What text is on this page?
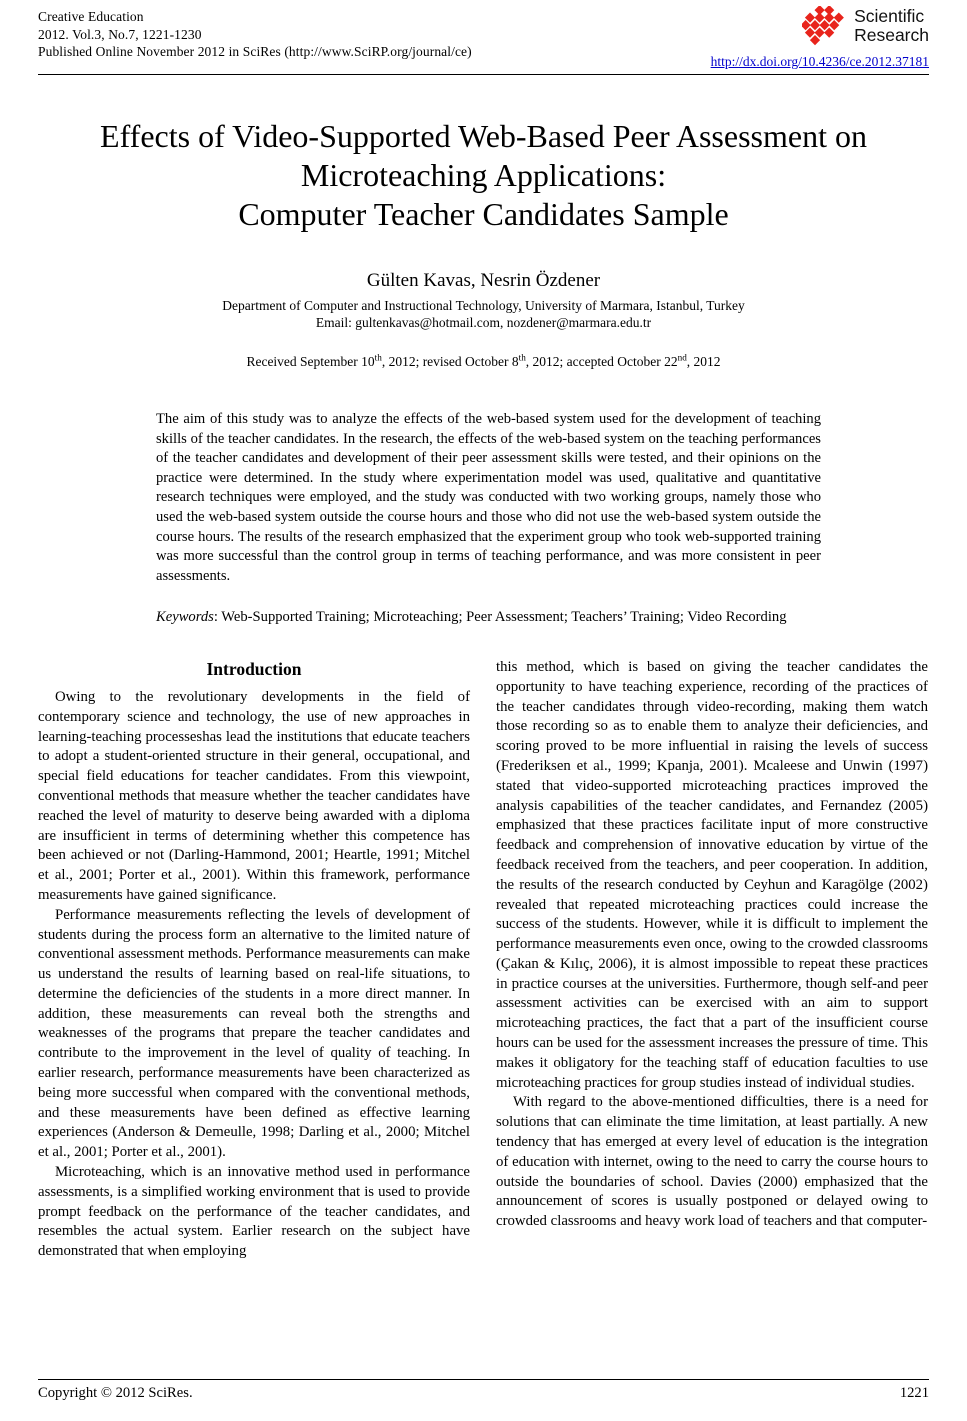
Creative Education
2012. Vol.3, No.7, 1221-1230
Published Online November 2012 in SciRes (http://www.SciRP.org/journal/ce)
Scientific
Research
http://dx.doi.org/10.4236/ce.2012.37181
Effects of Video-Supported Web-Based Peer Assessment on
Microteaching Applications:
Computer Teacher Candidates Sample
Gülten Kavas, Nesrin Özdener
Department of Computer and Instructional Technology, University of Marmara, Istanbul, Turkey
Email: gultenkavas@hotmail.com, nozdener@marmara.edu.tr
Received September 10th, 2012; revised October 8th, 2012; accepted October 22nd, 2012
The aim of this study was to analyze the effects of the web-based system used for the development of teaching skills of the teacher candidates. In the research, the effects of the web-based system on the teaching performances of the teacher candidates and development of their peer assessment skills were tested, and their opinions on the practice were determined. In the study where experimentation model was used, qualitative and quantitative research techniques were employed, and the study was conducted with two working groups, namely those who used the web-based system outside the course hours and those who did not use the web-based system outside the course hours. The results of the research emphasized that the experiment group who took web-supported training was more successful than the control group in terms of teaching performance, and was more consistent in peer assessments.
Keywords: Web-Supported Training; Microteaching; Peer Assessment; Teachers’ Training; Video Recording
Introduction

Owing to the revolutionary developments in the field of contemporary science and technology, the use of new approaches in learning-teaching processeshas lead the institutions that educate teachers to adopt a student-oriented structure in their general, occupational, and special field educations for teacher candidates. From this viewpoint, conventional methods that measure whether the teacher candidates have reached the level of maturity to deserve being awarded with a diploma are insufficient in terms of determining whether this competence has been achieved or not (Darling-Hammond, 2001; Heartle, 1991; Mitchel et al., 2001; Porter et al., 2001). Within this framework, performance measurements have gained significance.

Performance measurements reflecting the levels of development of students during the process form an alternative to the limited nature of conventional assessment methods. Performance measurements can make us understand the results of learning based on real-life situations, to determine the deficiencies of the students in a more direct manner. In addition, these measurements can reveal both the strengths and weaknesses of the programs that prepare the teacher candidates and contribute to the improvement in the level of quality of teaching. In earlier research, performance measurements have been characterized as being more successful when compared with the conventional methods, and these measurements have been defined as effective learning experiences (Anderson & Demeulle, 1998; Darling et al., 2000; Mitchel et al., 2001; Porter et al., 2001).

Microteaching, which is an innovative method used in performance assessments, is a simplified working environment that is used to provide prompt feedback on the performance of the teacher candidates, and resembles the actual system. Earlier research on the subject have demonstrated that when employing

this method, which is based on giving the teacher candidates the opportunity to have teaching experience, recording of the practices of the teacher candidates through video-recording, making them watch those recording so as to enable them to analyze their deficiencies, and scoring proved to be more influential in raising the levels of success (Frederiksen et al., 1999; Kpanja, 2001). Mcaleese and Unwin (1997) stated that video-supported microteaching practices improved the analysis capabilities of the teacher candidates, and Fernandez (2005) emphasized that these practices facilitate input of more constructive feedback and comprehension of innovative education by virtue of the feedback received from the teachers, and peer cooperation. In addition, the results of the research conducted by Ceyhun and Karagölge (2002) revealed that repeated microteaching practices could increase the success of the students. However, while it is difficult to implement the performance measurements even once, owing to the crowded classrooms (Çakan & Kılıç, 2006), it is almost impossible to repeat these practices in practice courses at the universities. Furthermore, though self-and peer assessment activities can be exercised with an aim to support microteaching practices, the fact that a part of the insufficient course hours can be used for the assessment increases the pressure of time. This makes it obligatory for the teaching staff of education faculties to use microteaching practices for group studies instead of individual studies.

With regard to the above-mentioned difficulties, there is a need for solutions that can eliminate the time limitation, at least partially. A new tendency that has emerged at every level of education is the integration of education with internet, owing to the need to carry the course hours to outside the boundaries of school. Davies (2000) emphasized that the announcement of scores is usually postponed or delayed owing to crowded classrooms and heavy work load of teachers and that computer-

Copyright © 2012 SciRes.	1221
